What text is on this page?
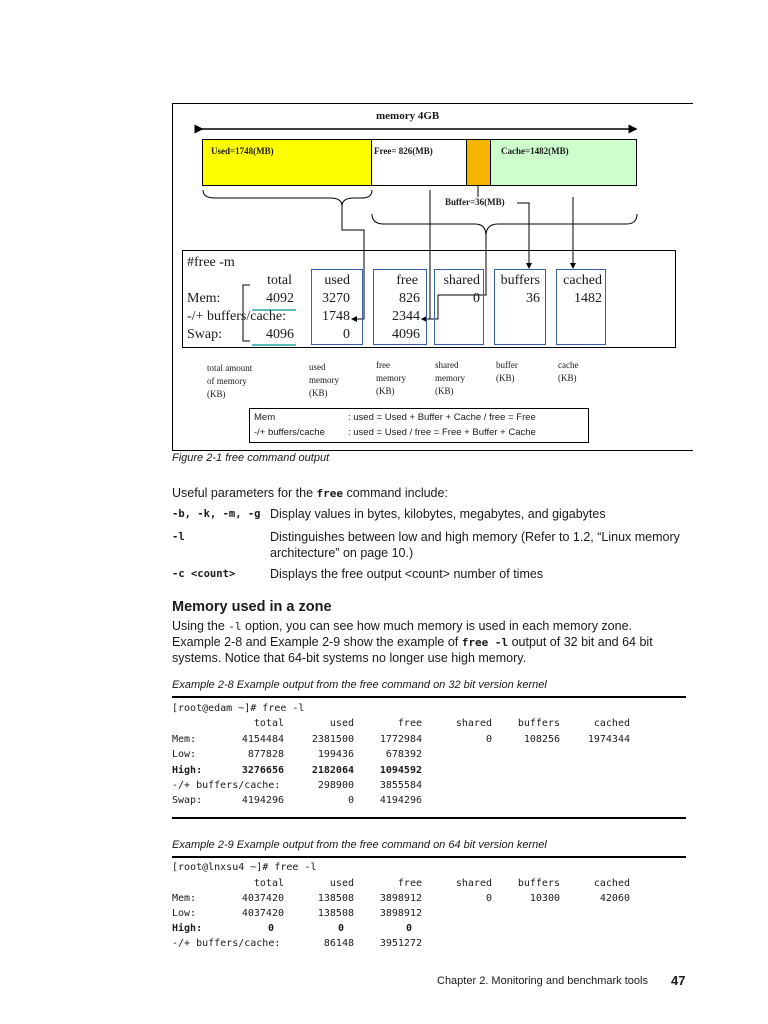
memory 4GB
Used=1748(MB)	Free= 826(MB)	Cache=1482(MB)
Buffer=36(MB)
#free -m
total	used	free	shared	buffers	cached
Mem:	4092	3270	826	0	36	1482
-/+ buffers/cache:	1748	2344
Swap:	4096	0	4096
total amount
of memory
(KB)
used
memory
(KB)
free
memory
(KB)
shared
memory
(KB)
buffer
(KB)
cache
(KB)
Mem	: used = Used + Buffer + Cache / free = Free
-/+ buffers/cache : used = Used / free = Free + Buffer + Cache
Figure 2-1 free command output
Useful parameters for the free command include:
-b, -k, -m, -g Display values in bytes, kilobytes, megabytes, and gigabytes
-l	Distinguishes between low and high memory (Refer to 1.2, “Linux memory
architecture” on page 10.)
-c <count>	Displays the free output <count> number of times
Memory used in a zone
Using the -l option, you can see how much memory is used in each memory zone.
Example 2-8 and Example 2-9 show the example of free -l output of 32 bit and 64 bit
systems. Notice that 64-bit systems no longer use high memory.
Example 2-8 Example output from the free command on 32 bit version kernel
[root@edam ~]# free -l
total	used	free	shared	buffers	cached
Mem:	4154484	2381500	1772984	0	108256	1974344
Low:	877828	199436	678392
High:	3276656	2182064	1094592
-/+ buffers/cache:	298900	3855584
Swap:	4194296	0	4194296
Example 2-9 Example output from the free command on 64 bit version kernel
[root@lnxsu4 ~]# free -l
total	used	free	shared	buffers	cached
Mem:	4037420	138508	3898912	0	10300	42060
Low:	4037420	138508	3898912
High:	0	0	0
-/+ buffers/cache:	86148	3951272
Chapter 2. Monitoring and benchmark tools 47
